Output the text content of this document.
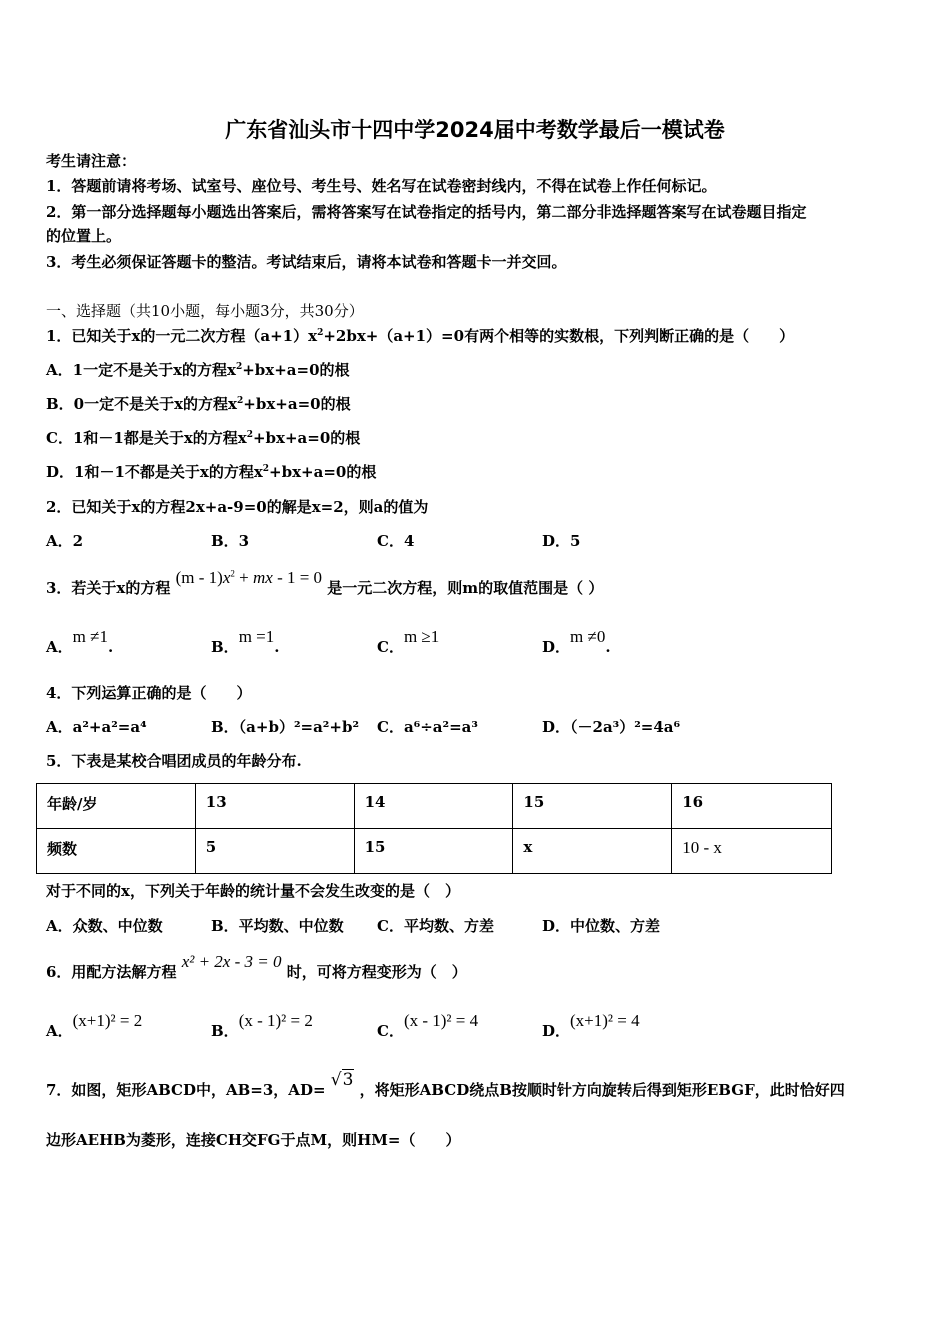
广东省汕头市十四中学2024届中考数学最后一模试卷
考生请注意：
1．答题前请将考场、试室号、座位号、考生号、姓名写在试卷密封线内，不得在试卷上作任何标记。
2．第一部分选择题每小题选出答案后，需将答案写在试卷指定的括号内，第二部分非选择题答案写在试卷题目指定
的位置上。
3．考生必须保证答题卡的整洁。考试结束后，请将本试卷和答题卡一并交回。
一、选择题（共10小题，每小题3分，共30分）
1．已知关于x的一元二次方程$(a+1)x^2+2bx+(a+1)=0$有两个相等的实数根，下列判断正确的是（　　）
A．1一定不是关于x的方程$x^2+bx+a=0$的根
B．0一定不是关于x的方程$x^2+bx+a=0$的根
C．1和－1都是关于x的方程$x^2+bx+a=0$的根
D．1和－1不都是关于x的方程$x^2+bx+a=0$的根
2．已知关于x的方程2x+a-9=0的解是x=2，则a的值为
A．2	B．3	C．4	D．5
3．若关于x的方程 $(m - 1)x^2$ + mx - 1 = 0 是一元二次方程，则m的取值范围是（ ）
A．m ≠1.	B．m =1.	C．m ≥1
D．m ≠0.
4．下列运算正确的是（　　）
A．a²+a²=a⁴	B．（a+b）²=a²+b² C．a⁶÷a²=a³	D．（－2a³）²=4a⁶
5．下表是某校合唱团成员的年龄分布.
年龄/岁	13	14	15	16
频数	5	15	x	10 - x
对于不同的x，下列关于年龄的统计量不会发生改变的是（　）
A．众数、中位数	B．平均数、中位数 C．平均数、方差	D．中位数、方差
6．用配方法解方程 x² + 2x - 3 = 0 时，可将方程变形为（　）
A．(x+1)² = 2
B．(x - 1)² = 2
C．(x - 1)² = 4
D．(x+1)² = 4
7．如图，矩形ABCD中，AB=3，AD= √3 ，将矩形ABCD绕点B按顺时针方向旋转后得到矩形EBGF，此时恰好四
边形AEHB为菱形，连接CH交FG于点M，则HM=（　　）
